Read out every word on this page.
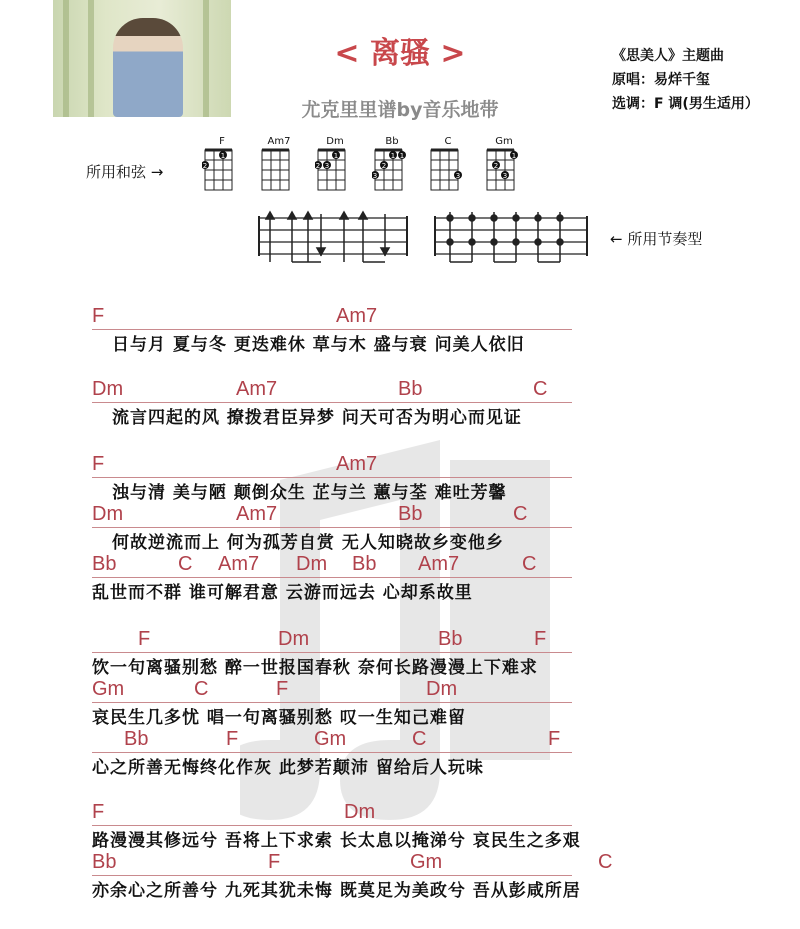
< 离骚 >
尤克里里谱by音乐地带
《思美人》主题曲
原唱：易烊千玺
选调：F 调(男生适用）
所用和弦 →
← 所用节奏型
F
2
1
Am7	Dm
2 3
1
Bb
3
2
1 1
C
3
Gm
2
3
1
F	Am7
日与月 夏与冬 更迭难休 草与木 盛与衰 问美人依旧
Dm	Am7	Bb	C
流言四起的风 撩拨君臣异梦 问天可否为明心而见证
F	Am7
浊与清 美与陋 颠倒众生 芷与兰 蕙与荃 难吐芳馨
Dm	Am7	Bb	C
何故逆流而上 何为孤芳自赏 无人知晓故乡变他乡
Bb	C Am7 Dm Bb Am7	C
乱世而不群 谁可解君意 云游而远去 心却系故里
F	Dm	Bb	F
饮一句离骚别愁 醉一世报国春秋 奈何长路漫漫上下难求
Gm	C	F	Dm
哀民生几多忧 唱一句离骚别愁 叹一生知己难留
Bb	F	Gm	C	F
心之所善无悔终化作灰 此梦若颠沛 留给后人玩味
F	Dm
路漫漫其修远兮 吾将上下求索 长太息以掩涕兮 哀民生之多艰
Bb	F	Gm	C
亦余心之所善兮 九死其犹未悔 既莫足为美政兮 吾从彭咸所居
